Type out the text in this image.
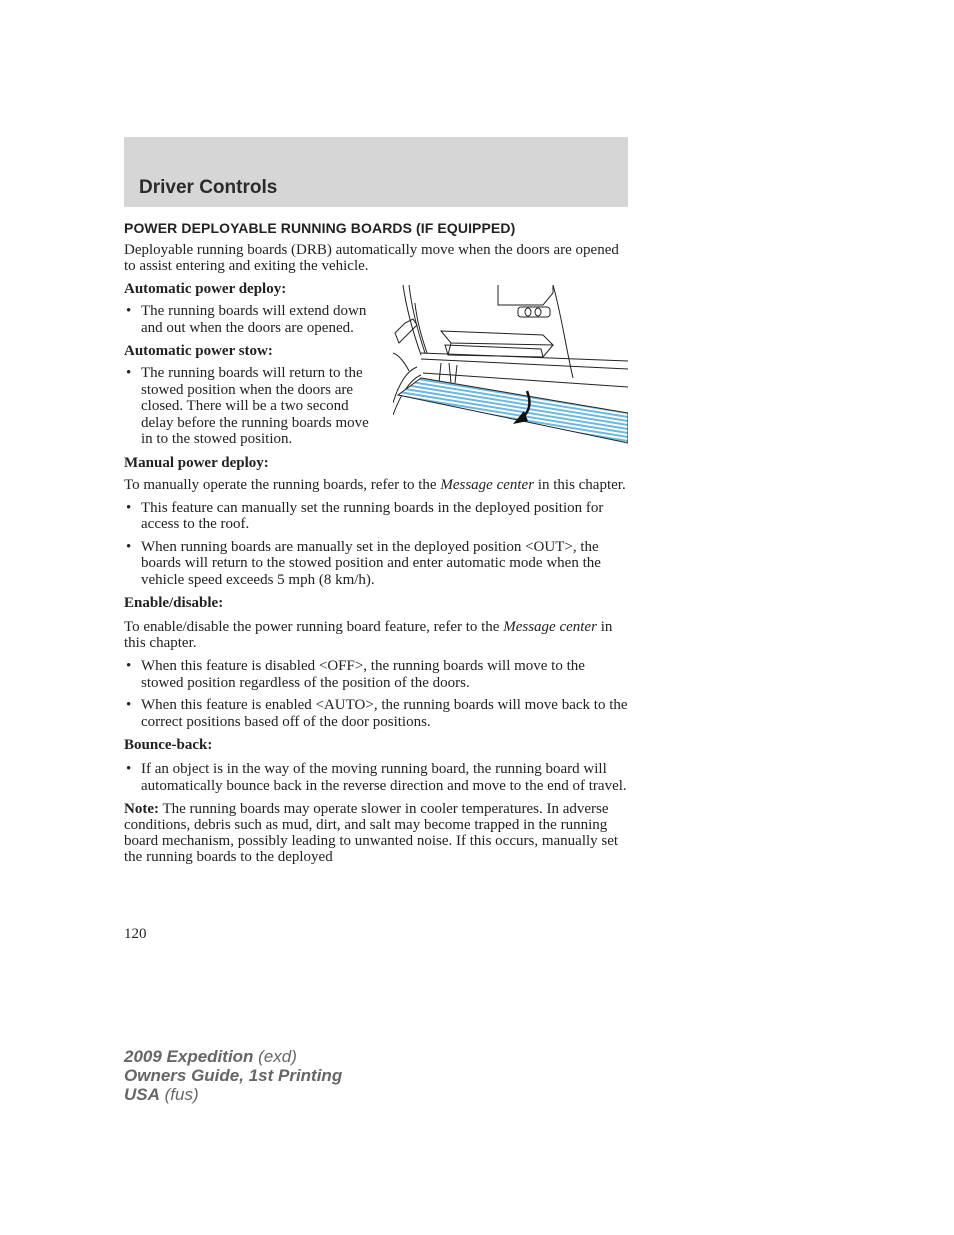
Driver Controls
POWER DEPLOYABLE RUNNING BOARDS (IF EQUIPPED)

Deployable running boards (DRB) automatically move when the doors are opened to assist entering and exiting the vehicle.

Automatic power deploy:
• The running boards will extend down and out when the doors are opened.
Automatic power stow:
• The running boards will return to the stowed position when the doors are closed. There will be a two second delay before the running boards move in to the stowed position.
Manual power deploy:

To manually operate the running boards, refer to the Message center in this chapter.

• This feature can manually set the running boards in the deployed position for access to the roof.
• When running boards are manually set in the deployed position <OUT>, the boards will return to the stowed position and enter automatic mode when the vehicle speed exceeds 5 mph (8 km/h).
Enable/disable:

To enable/disable the power running board feature, refer to the Message center in this chapter.

• When this feature is disabled <OFF>, the running boards will move to the stowed position regardless of the position of the doors.
• When this feature is enabled <AUTO>, the running boards will move back to the correct positions based off of the door positions.
Bounce-back:
• If an object is in the way of the moving running board, the running board will automatically bounce back in the reverse direction and move to the end of travel.

Note: The running boards may operate slower in cooler temperatures. In adverse conditions, debris such as mud, dirt, and salt may become trapped in the running board mechanism, possibly leading to unwanted noise. If this occurs, manually set the running boards to the deployed

120
2009 Expedition (exd)
Owners Guide, 1st Printing
USA (fus)
